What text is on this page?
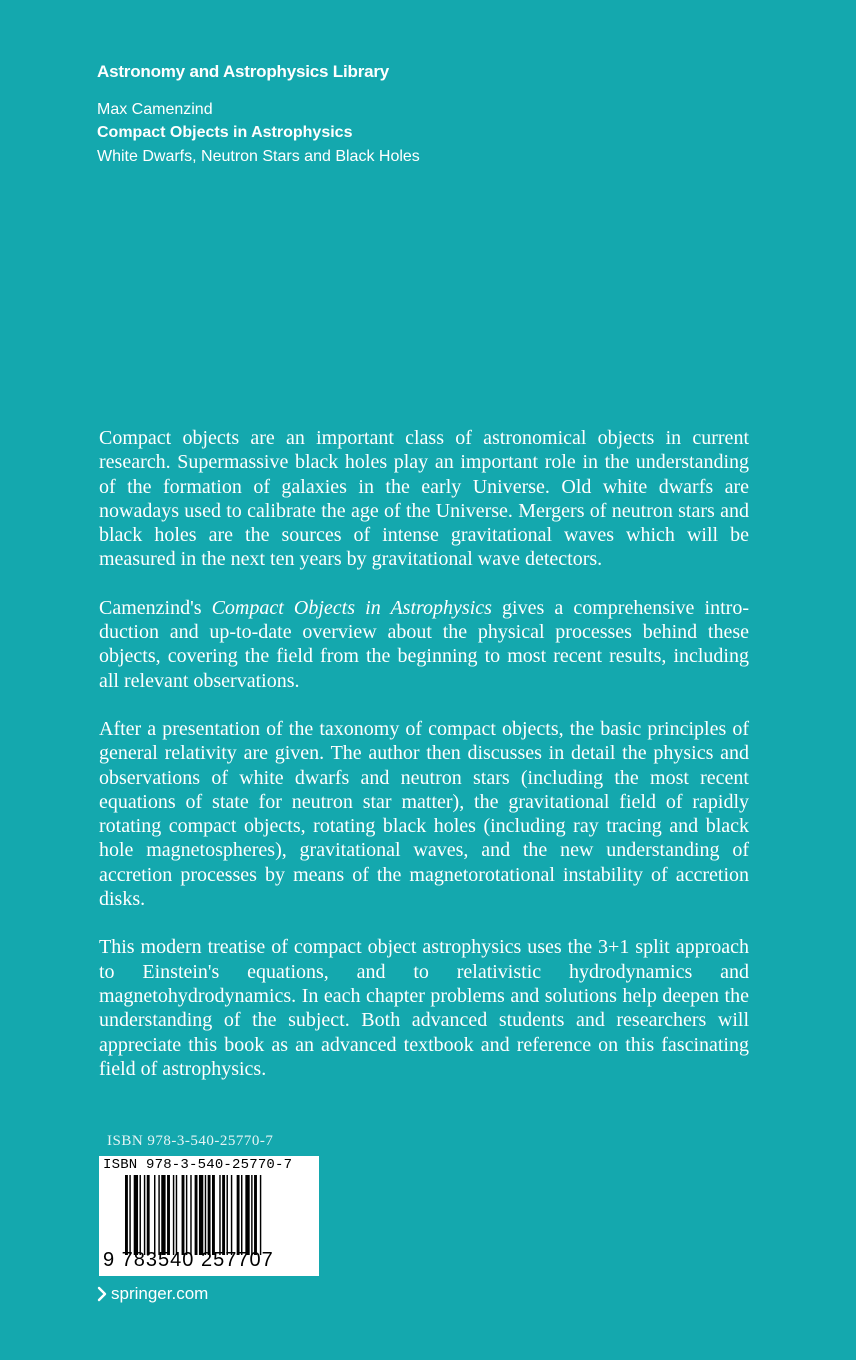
Astronomy and Astrophysics Library
Max Camenzind
Compact Objects in Astrophysics
White Dwarfs, Neutron Stars and Black Holes

Compact objects are an important class of astronomical objects in current research. Supermassive black holes play an important role in the understanding of the formation of galaxies in the early Universe. Old white dwarfs are nowadays used to calibrate the age of the Universe. Mergers of neutron stars and black holes are the sources of intense gravitational waves which will be measured in the next ten years by gravitational wave detectors.

Camenzind's Compact Objects in Astrophysics gives a comprehensive introduction and up-to-date overview about the physical processes behind these objects, covering the field from the beginning to most recent results, including all relevant observations.

After a presentation of the taxonomy of compact objects, the basic principles of general relativity are given. The author then discusses in detail the physics and observations of white dwarfs and neutron stars (including the most recent equations of state for neutron star matter), the gravitational field of rapidly rotating compact objects, rotating black holes (including ray tracing and black hole magnetospheres), gravitational waves, and the new understanding of accretion processes by means of the magnetorotational instability of accretion disks.

This modern treatise of compact object astrophysics uses the 3+1 split approach to Einstein's equations, and to relativistic hydrodynamics and magnetohydrodynamics. In each chapter problems and solutions help deepen the understanding of the subject. Both advanced students and researchers will appreciate this book as an advanced textbook and reference on this fascinating field of astrophysics.

ISBN 978-3-540-25770-7
ISBN 978-3-540-25770-7
9 783540 257707
springer.com
